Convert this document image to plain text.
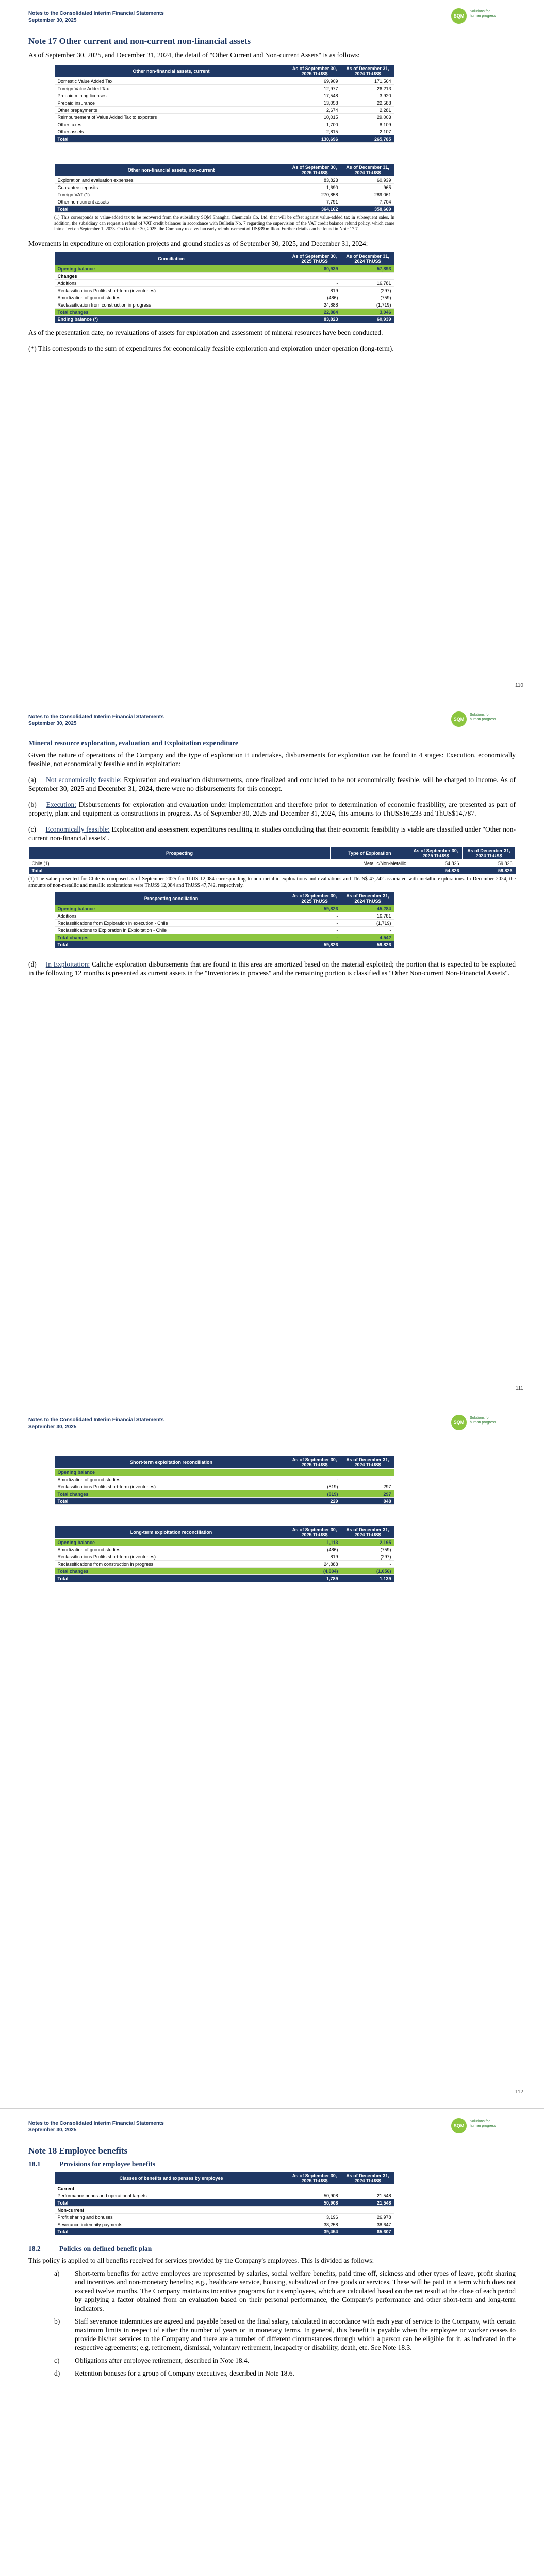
Notes to the Consolidated Interim Financial Statements
September 30, 2025
SQM
Solutions for human progress
Note 17 Other current and non-current non-financial assets

As of September 30, 2025, and December 31, 2024, the detail of "Other Current and Non-current Assets" is as follows:

Other non-financial assets, current	As of September 30, 2025 ThUS$	As of December 31, 2024 ThUS$
Domestic Value Added Tax	69,909	171,564
Foreign Value Added Tax	12,977	26,213
Prepaid mining licenses	17,548	3,920
Prepaid insurance	13,058	22,588
Other prepayments	2,674	2,281
Reimbursement of Value Added Tax to exporters	10,015	29,003
Other taxes	1,700	8,109
Other assets	2,815	2,107
Total	130,696	265,785
Other non-financial assets, non-current	As of September 30, 2025 ThUS$	As of December 31, 2024 ThUS$
Exploration and evaluation expenses	83,823	60,939
Guarantee deposits	1,690	965
Foreign VAT (1)	270,858	289,061
Other non-current assets	7,791	7,704
Total	364,162	358,669

(1) This corresponds to value-added tax to be recovered from the subsidiary SQM Shanghai Chemicals Co. Ltd. that will be offset against value-added tax in subsequent sales. In addition, the subsidiary can request a refund of VAT credit balances in accordance with Bulletin No. 7 regarding the supervision of the VAT credit balance refund policy, which came into effect on September 1, 2023. On October 30, 2025, the Company received an early reimbursement of US$39 million. Further details can be found in Note 17.7.

Movements in expenditure on exploration projects and ground studies as of September 30, 2025, and December 31, 2024:

Conciliation	As of September 30, 2025 ThUS$	As of December 31, 2024 ThUS$
Opening balance	60,939	57,893
Changes		
Additions	-	16,781
Reclassifications Profits short-term (inventories)	819	(297)
Amortization of ground studies	(486)	(759)
Reclassification from construction in progress	24,888	(1,719)
Total changes	22,884	3,046
Ending balance (*)	83,823	60,939

As of the presentation date, no revaluations of assets for exploration and assessment of mineral resources have been conducted.

(*) This corresponds to the sum of expenditures for economically feasible exploration and exploration under operation (long-term).

110
Notes to the Consolidated Interim Financial Statements
September 30, 2025
SQM
Solutions for human progress
Mineral resource exploration, evaluation and Exploitation expenditure

Given the nature of operations of the Company and the type of exploration it undertakes, disbursements for exploration can be found in 4 stages: Execution, economically feasible, not economically feasible and in exploitation:

(a) Not economically feasible: Exploration and evaluation disbursements, once finalized and concluded to be not economically feasible, will be charged to income. As of September 30, 2025 and December 31, 2024, there were no disbursements for this concept.

(b) Execution: Disbursements for exploration and evaluation under implementation and therefore prior to determination of economic feasibility, are presented as part of property, plant and equipment as constructions in progress. As of September 30, 2025 and December 31, 2024, this amounts to ThUS$16,233 and ThUS$14,787.

(c) Economically feasible: Exploration and assessment expenditures resulting in studies concluding that their economic feasibility is viable are classified under "Other non-current non-financial assets".

Prospecting	Type of Exploration	As of September 30, 2025 ThUS$	As of December 31, 2024 ThUS$
Chile (1)	Metallic/Non-Metallic	54,826	59,826
Total		54,826	59,826

(1) The value presented for Chile is composed as of September 2025 for ThUS 12,084 corresponding to non-metallic explorations and evaluations and ThUS$ 47,742 associated with metallic explorations. In December 2024, the amounts of non-metallic and metallic explorations were ThUS$ 12,084 and ThUS$ 47,742, respectively.

Prospecting conciliation	As of September 30, 2025 ThUS$	As of December 31, 2024 ThUS$
Opening balance	59,826	45,284
Additions	-	16,781
Reclassifications from Exploration in execution - Chile	-	(1,719)
Reclassifications to Exploration in Exploitation - Chile	-	-
Total changes	-	4,542
Total	59,826	59,826

(d) In Exploitation: Caliche exploration disbursements that are found in this area are amortized based on the material exploited; the portion that is expected to be exploited in the following 12 months is presented as current assets in the "Inventories in process" and the remaining portion is classified as "Other Non-current Non-Financial Assets".

111
Notes to the Consolidated Interim Financial Statements
September 30, 2025
SQM
Solutions for human progress
Short-term exploitation reconciliation	As of September 30, 2025 ThUS$	As of December 31, 2024 ThUS$
Opening balance		
Amortization of ground studies	-	-
Reclassifications Profits short-term (inventories)	(819)	297
Total changes	(819)	297
Total	229	848
Long-term exploitation reconciliation	As of September 30, 2025 ThUS$	As of December 31, 2024 ThUS$
Opening balance	1,113	2,195
Amortization of ground studies	(486)	(759)
Reclassifications Profits short-term (inventories)	819	(297)
Reclassifications from construction in progress	24,888	-
Total changes	(4,804)	(1,056)
Total	1,789	1,139
112
Notes to the Consolidated Interim Financial Statements
September 30, 2025
SQM
Solutions for human progress
Note 18 Employee benefits
18.1	Provisions for employee benefits
Classes of benefits and expenses by employee	As of September 30, 2025 ThUS$	As of December 31, 2024 ThUS$
Current		
Performance bonds and operational targets	50,908	21,548
Total	50,908	21,548
Non-current		
Profit sharing and bonuses	3,196	26,978
Severance indemnity payments	38,258	38,647
Total	39,454	65,607
18.2	Policies on defined benefit plan

This policy is applied to all benefits received for services provided by the Company's employees. This is divided as follows:

a) Short-term benefits for active employees are represented by salaries, social welfare benefits, paid time off, sickness and other types of leave, profit sharing and incentives and non-monetary benefits; e.g., healthcare service, housing, subsidized or free goods or services. These will be paid in a term which does not exceed twelve months. The Company maintains incentive programs for its employees, which are calculated based on the net result at the close of each period by applying a factor obtained from an evaluation based on their personal performance, the Company's performance and other short-term and long-term indicators.
b) Staff severance indemnities are agreed and payable based on the final salary, calculated in accordance with each year of service to the Company, with certain maximum limits in respect of either the number of years or in monetary terms. In general, this benefit is payable when the employee or worker ceases to provide his/her services to the Company and there are a number of different circumstances through which a person can be eligible for it, as indicated in the respective agreements; e.g. retirement, dismissal, voluntary retirement, incapacity or disability, death, etc. See Note 18.3.
c) Obligations after employee retirement, described in Note 18.4.
d) Retention bonuses for a group of Company executives, described in Note 18.6.
